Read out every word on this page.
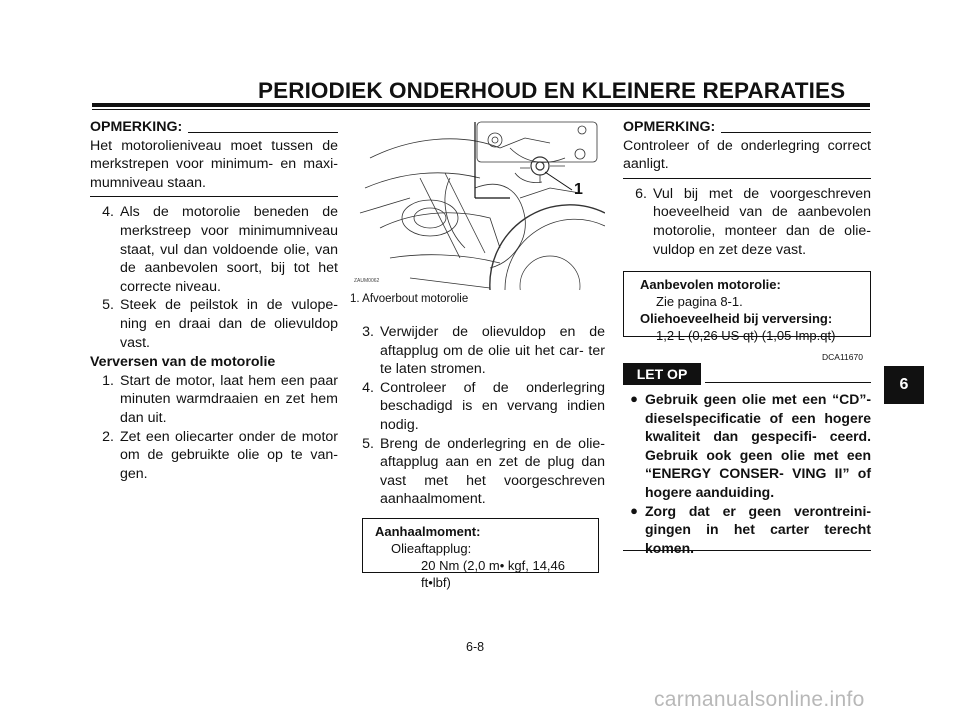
PERIODIEK ONDERHOUD EN KLEINERE REPARATIES
6
OPMERKING:
Het motorolieniveau moet tussen de merkstrepen voor minimum- en maxi- mumniveau staan.
4. Als de motorolie beneden de merkstreep voor minimumniveau staat, vul dan voldoende olie, van de aanbevolen soort, bij tot het correcte niveau.
5. Steek de peilstok in de vulope- ning en draai dan de olievuldop vast.
Verversen van de motorolie
1. Start de motor, laat hem een paar minuten warmdraaien en zet hem dan uit.
2. Zet een oliecarter onder de motor om de gebruikte olie op te van- gen.
1
ZAUM0062
1. Afvoerbout motorolie
3. Verwijder de olievuldop en de aftapplug om de olie uit het car- ter te laten stromen.
4. Controleer of de onderlegring beschadigd is en vervang indien nodig.
5. Breng de onderlegring en de olie- aftapplug aan en zet de plug dan vast met het voorgeschreven aanhaalmoment.
Aanhaalmoment:
Olieaftapplug:
20 Nm (2,0 m• kgf, 14,46 ft•lbf)
OPMERKING:
Controleer of de onderlegring correct aanligt.
6. Vul bij met de voorgeschreven hoeveelheid van de aanbevolen motorolie, monteer dan de olie- vuldop en zet deze vast.
Aanbevolen motorolie:
Zie pagina 8-1.
Oliehoeveelheid bij verversing:
1,2 L (0,26 US qt) (1,05 Imp.qt)
DCA11670
LET OP
● Gebruik geen olie met een “CD”-dieselspecificatie of een hogere kwaliteit dan gespecifi- ceerd. Gebruik ook geen olie met een “ENERGY CONSER- VING II” of hogere aanduiding.
● Zorg dat er geen verontreini- gingen in het carter terecht komen.
6-8
carmanualsonline.info
